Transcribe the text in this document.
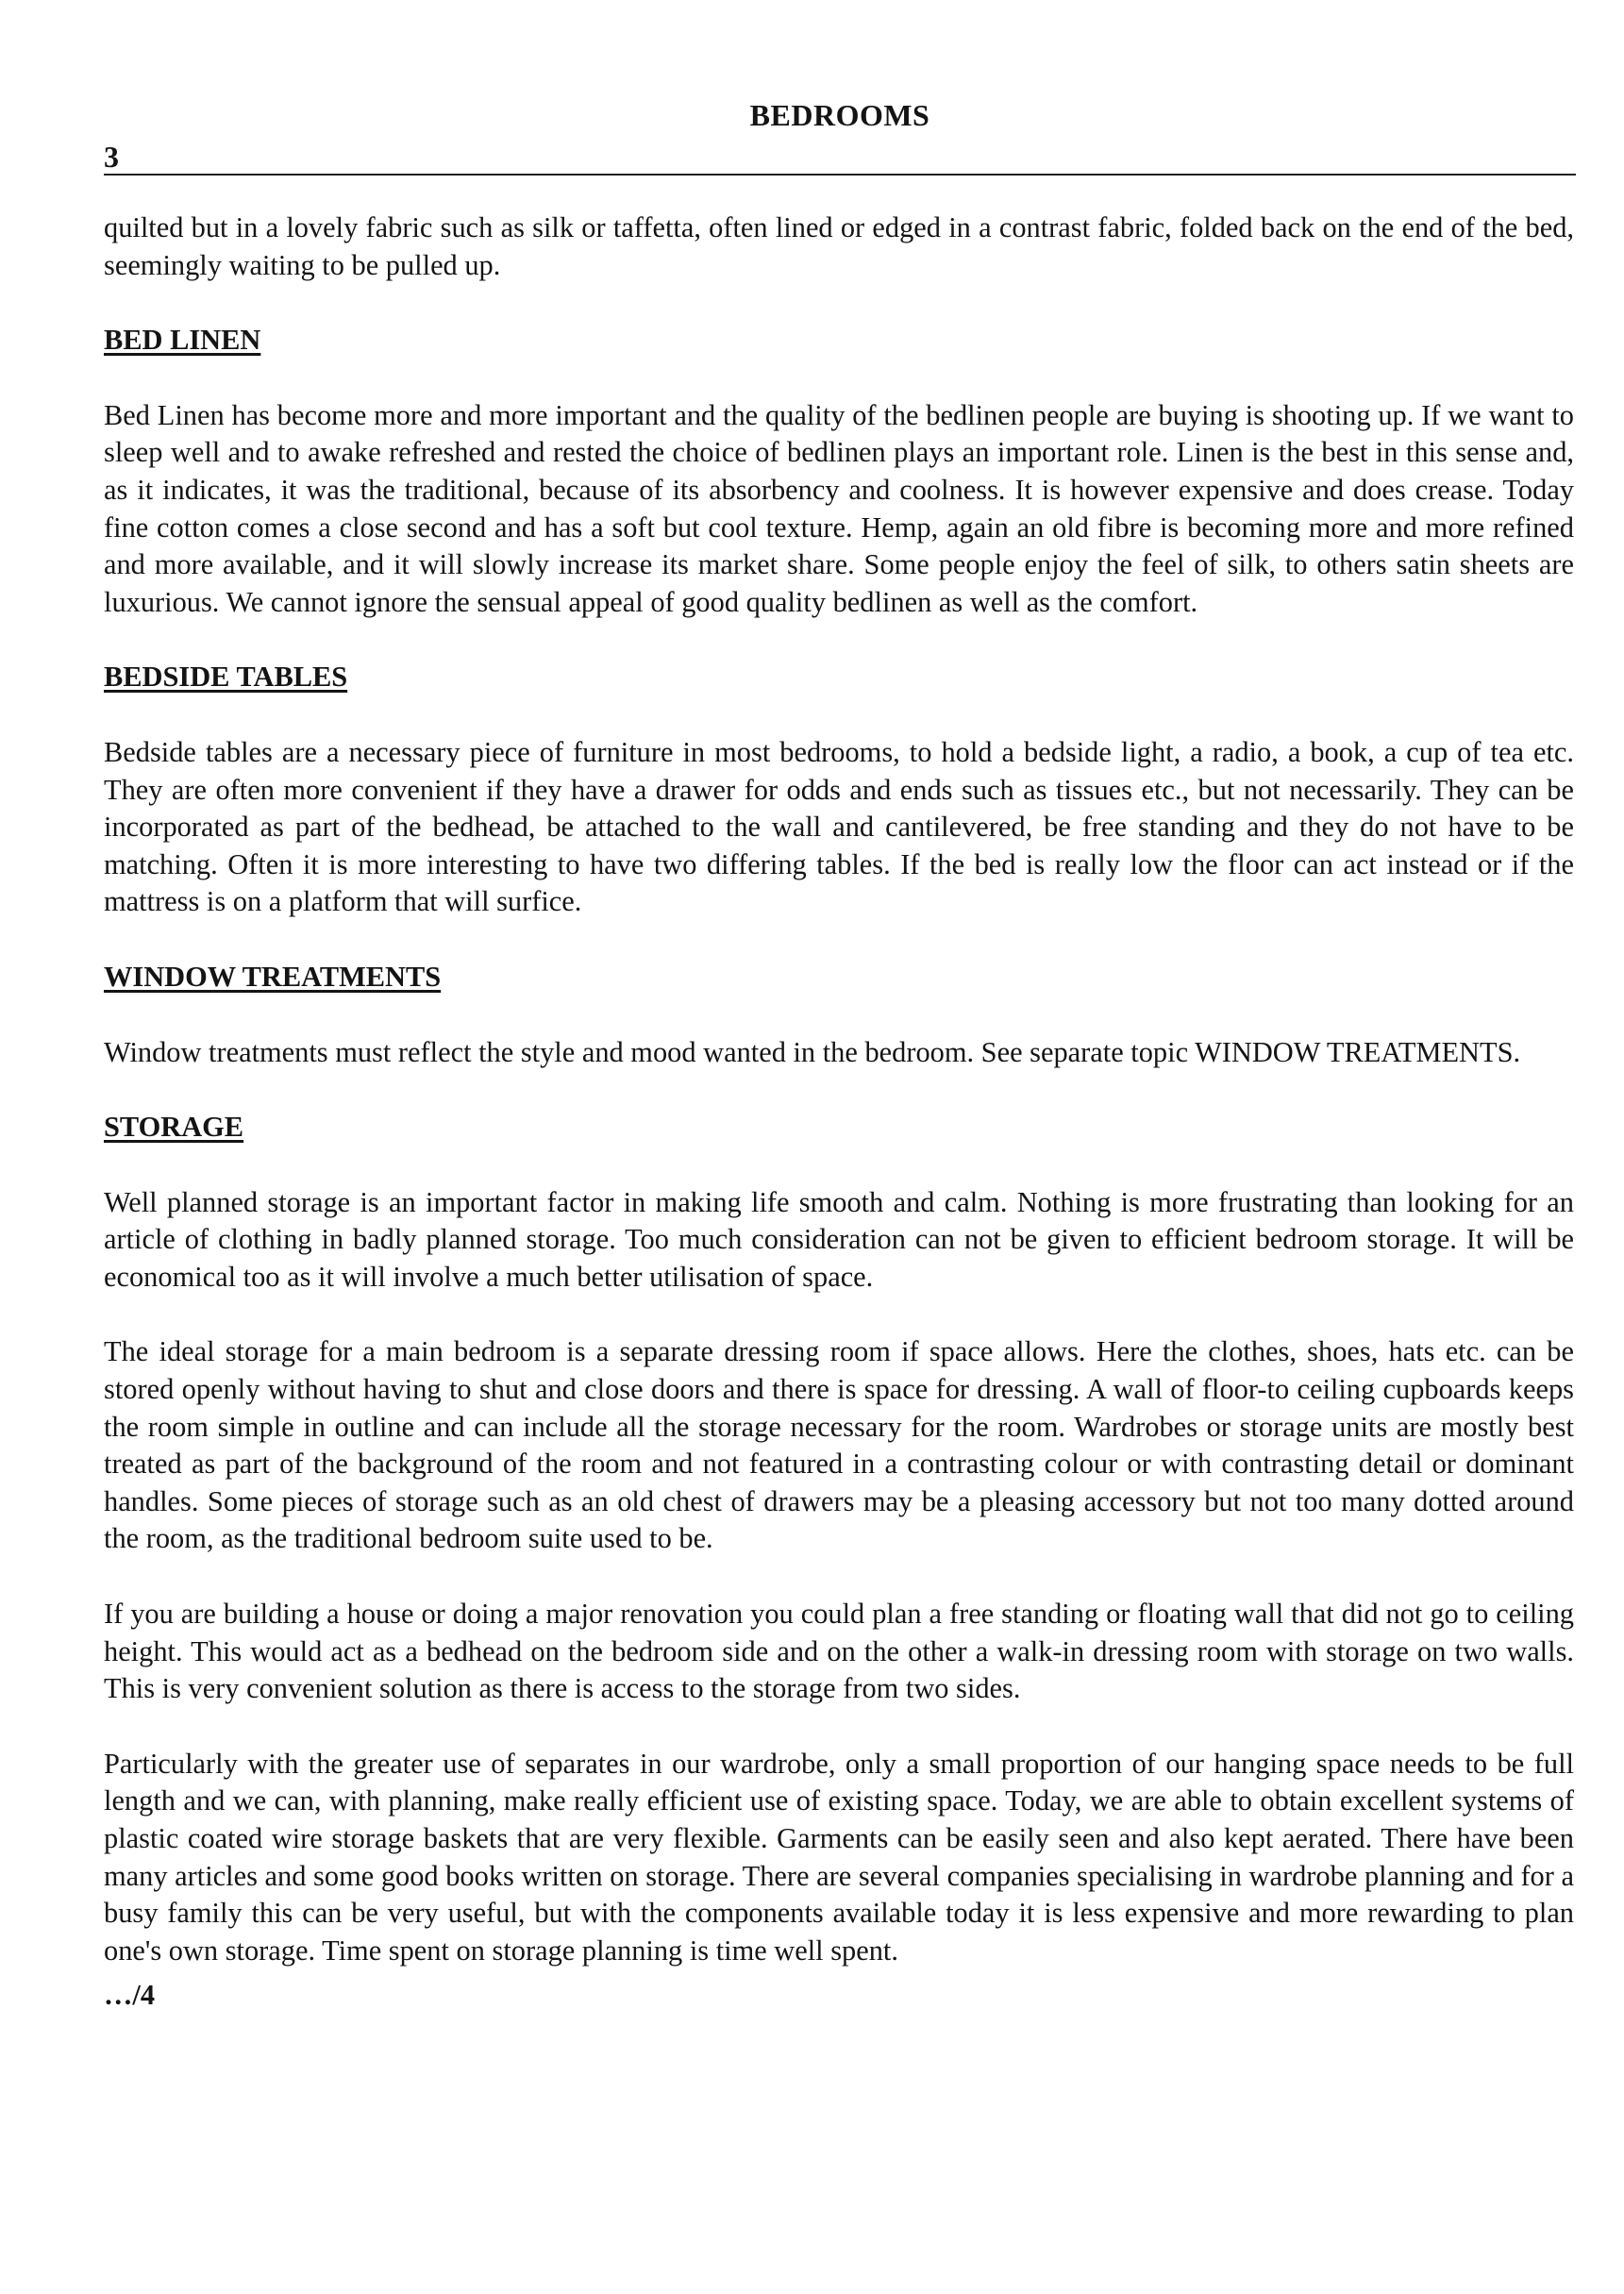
BEDROOMS
3

quilted but in a lovely fabric such as silk or taffetta, often lined or edged in a contrast fabric, folded back on the end of the bed, seemingly waiting to be pulled up.

BED LINEN

Bed Linen has become more and more important and the quality of the bedlinen people are buying is shooting up. If we want to sleep well and to awake refreshed and rested the choice of bedlinen plays an important role. Linen is the best in this sense and, as it indicates, it was the traditional, because of its absorbency and coolness. It is however expensive and does crease. Today fine cotton comes a close second and has a soft but cool texture. Hemp, again an old fibre is becoming more and more refined and more available, and it will slowly increase its market share. Some people enjoy the feel of silk, to others satin sheets are luxurious. We cannot ignore the sensual appeal of good quality bedlinen as well as the comfort.

BEDSIDE TABLES

Bedside tables are a necessary piece of furniture in most bedrooms, to hold a bedside light, a radio, a book, a cup of tea etc. They are often more convenient if they have a drawer for odds and ends such as tissues etc., but not necessarily. They can be incorporated as part of the bedhead, be attached to the wall and cantilevered, be free standing and they do not have to be matching. Often it is more interesting to have two differing tables. If the bed is really low the floor can act instead or if the mattress is on a platform that will surfice.

WINDOW TREATMENTS

Window treatments must reflect the style and mood wanted in the bedroom. See separate topic WINDOW TREATMENTS.

STORAGE

Well planned storage is an important factor in making life smooth and calm. Nothing is more frustrating than looking for an article of clothing in badly planned storage. Too much consideration can not be given to efficient bedroom storage. It will be economical too as it will involve a much better utilisation of space.

The ideal storage for a main bedroom is a separate dressing room if space allows. Here the clothes, shoes, hats etc. can be stored openly without having to shut and close doors and there is space for dressing. A wall of floor-to ceiling cupboards keeps the room simple in outline and can include all the storage necessary for the room. Wardrobes or storage units are mostly best treated as part of the background of the room and not featured in a contrasting colour or with contrasting detail or dominant handles. Some pieces of storage such as an old chest of drawers may be a pleasing accessory but not too many dotted around the room, as the traditional bedroom suite used to be.

If you are building a house or doing a major renovation you could plan a free standing or floating wall that did not go to ceiling height. This would act as a bedhead on the bedroom side and on the other a walk-in dressing room with storage on two walls. This is very convenient solution as there is access to the storage from two sides.

Particularly with the greater use of separates in our wardrobe, only a small proportion of our hanging space needs to be full length and we can, with planning, make really efficient use of existing space. Today, we are able to obtain excellent systems of plastic coated wire storage baskets that are very flexible. Garments can be easily seen and also kept aerated. There have been many articles and some good books written on storage. There are several companies specialising in wardrobe planning and for a busy family this can be very useful, but with the components available today it is less expensive and more rewarding to plan one's own storage. Time spent on storage planning is time well spent.

…/4
